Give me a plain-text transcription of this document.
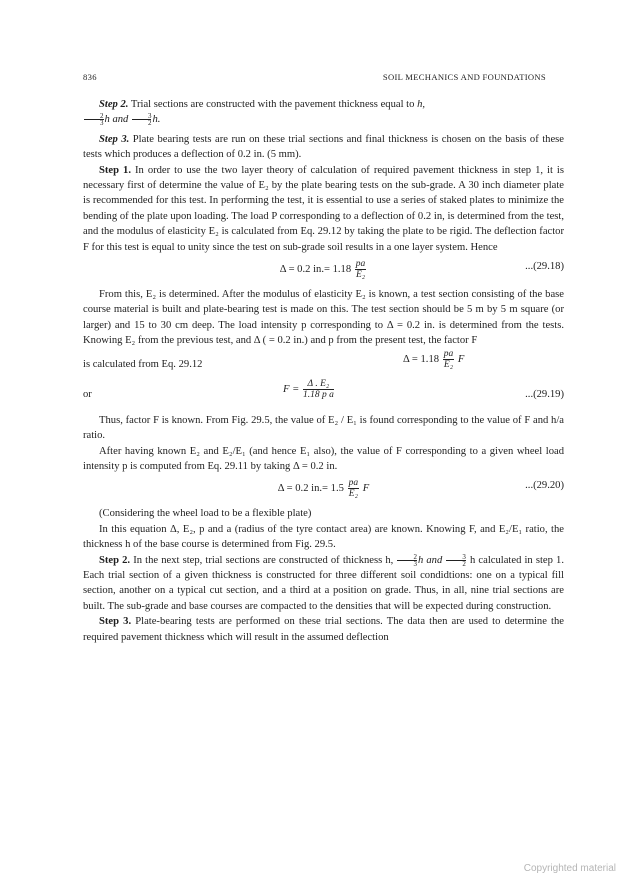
836	SOIL MECHANICS AND FOUNDATIONS

Step 2. Trial sections are constructed with the pavement thickness equal to h,

$\frac{2}{3}$ h and $\frac{3}{2} h$.

Step 3. Plate bearing tests are run on these trial sections and final thickness is chosen on the basis of these tests which produces a deflection of 0.2 in. (5 mm).

Step 1. In order to use the two layer theory of calculation of required pavement thickness in step 1, it is necessary first of determine the value of E₂ by the plate bearing tests on the sub-grade. A 30 inch diameter plate is recommended for this test. In performing the test, it is essential to use a series of staked plates to minimize the bending of the plate upon loading. The load P corresponding to a deflection of 0.2 in, is determined from the test, and the modulus of elasticity E₂ is calculated from Eq. 29.12 by taking the plate to be rigid. The deflection factor F for this test is equal to unity since the test on sub-grade soil results in a one layer system. Hence

Δ = 0.2 $in.= 1.18 \frac{pa}{\text{E₂}}$	...(29.18)

From this, E₂ is determined. After the modulus of elasticity E₂ is known, a test section consisting of the base course material is built and plate-bearing test is made on this. The test section should be 5 m by 5 m square (or larger) and 15 to 30 cm deep. The load intensity p corresponding to Δ = 0.2 in. is determined from the tests. Knowing E₂ from the previous test, and Δ ( = 0.2 in.) and p from the present test, the factor F

is calculated from Eq. 29.12	$\Delta = 1.18 \frac{pa}{\text{E₂}}$ F
or	$F = \frac{\text{Δ . E₂}}{\text{1.18 p a}}$	...(29.19)

Thus, factor F is known. From Fig. 29.5, the value of E₂ / E₁ is found corresponding to the value of F and h/a ratio.

After having known E₂ and E₂/E₁ (and hence E₁ also), the value of F corresponding to a given wheel load intensity p is computed from Eq. 29.11 by taking Δ = 0.2 in.

Δ = 0.2 $in.= 1.5 \frac{pa}{\text{E₂}}$ F	...(29.20)

(Considering the wheel load to be a flexible plate)

In this equation Δ, E₂, p and a (radius of the tyre contact area) are known. Knowing F, and E₂/E₁ ratio, the thickness h of the base course is determined from Fig. 29.5.

Step 2. In the next step, trial sections are constructed of thickness h, $\frac{2}{3}$ h and $\frac{3}{2}$ h calculated in step 1. Each trial section of a given thickness is constructed for three different soil condidtions: one on a typical fill section, another on a typical cut section, and a third at a position on grade. Thus, in all, nine trial sections are built. The sub-grade and base courses are compacted to the densities that will be expected during construction.

Step 3. Plate-bearing tests are performed on these trial sections. The data then are used to determine the required pavement thickness which will result in the assumed deflection

Copyrighted material
